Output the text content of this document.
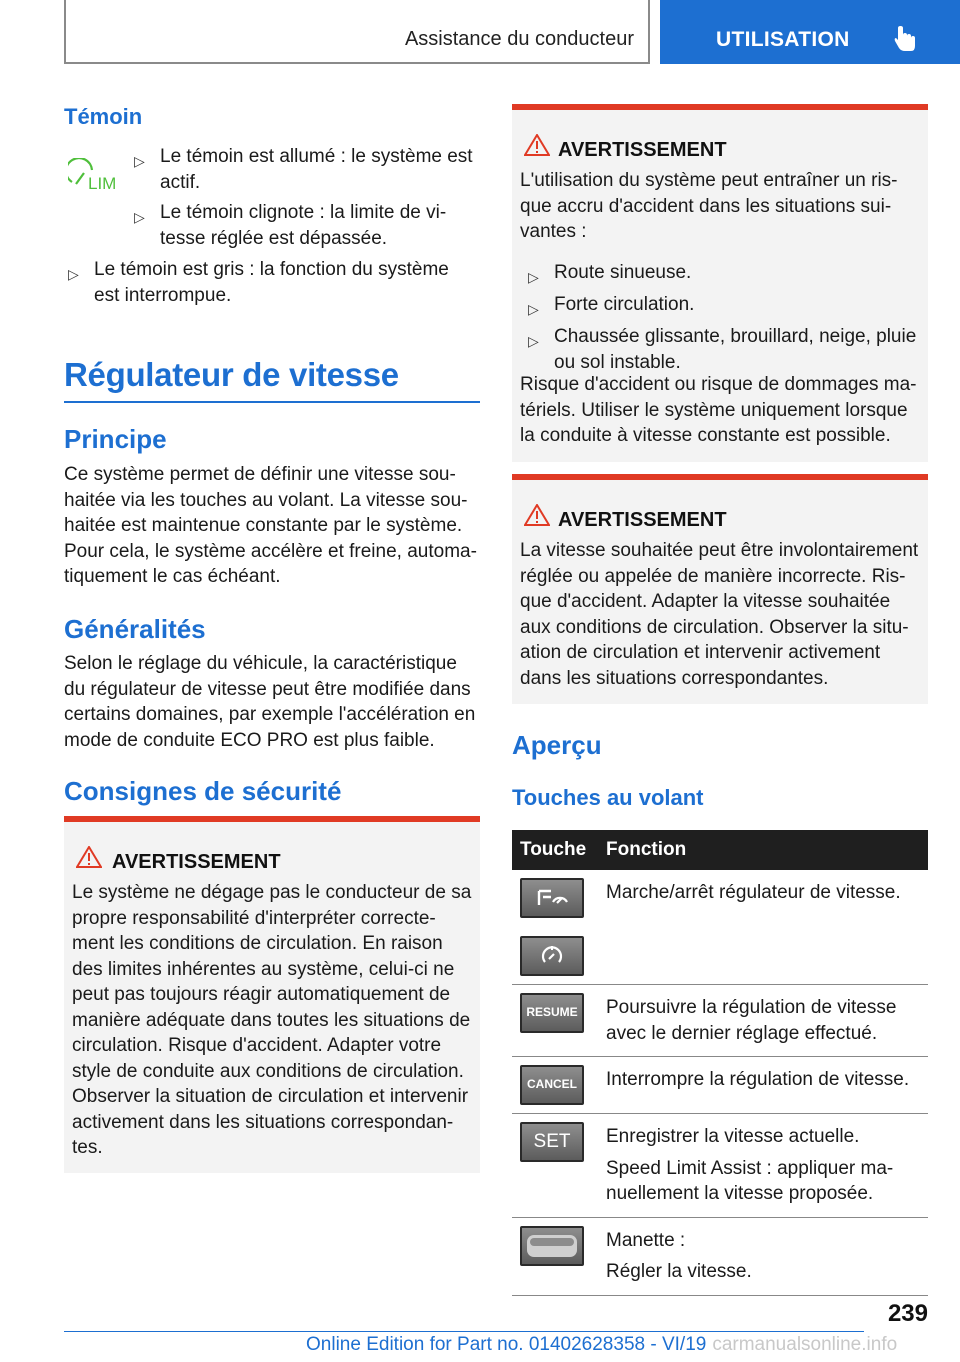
Assistance du conducteur	UTILISATION
Témoin
LIM
▷ Le témoin est allumé : le système est
actif.
▷ Le témoin clignote : la limite de vi-
tesse réglée est dépassée.
▷ Le témoin est gris : la fonction du système
est interrompue.
Régulateur de vitesse
Principe
Ce système permet de définir une vitesse sou-
haitée via les touches au volant. La vitesse sou-
haitée est maintenue constante par le système.
Pour cela, le système accélère et freine, automa-
tiquement le cas échéant.
Généralités
Selon le réglage du véhicule, la caractéristique
du régulateur de vitesse peut être modifiée dans
certains domaines, par exemple l'accélération en
mode de conduite ECO PRO est plus faible.
Consignes de sécurité
AVERTISSEMENT
Le système ne dégage pas le conducteur de sa
propre responsabilité d'interpréter correcte-
ment les conditions de circulation. En raison
des limites inhérentes au système, celui-ci ne
peut pas toujours réagir automatiquement de
manière adéquate dans toutes les situations de
circulation. Risque d'accident. Adapter votre
style de conduite aux conditions de circulation.
Observer la situation de circulation et intervenir
activement dans les situations correspondan-
tes.
AVERTISSEMENT
L'utilisation du système peut entraîner un ris-
que accru d'accident dans les situations sui-
vantes :
▷ Route sinueuse.
▷ Forte circulation.
▷ Chaussée glissante, brouillard, neige, pluie
ou sol instable.
Risque d'accident ou risque de dommages ma-
tériels. Utiliser le système uniquement lorsque
la conduite à vitesse constante est possible.
AVERTISSEMENT
La vitesse souhaitée peut être involontairement
réglée ou appelée de manière incorrecte. Ris-
que d'accident. Adapter la vitesse souhaitée
aux conditions de circulation. Observer la situ-
ation de circulation et intervenir activement
dans les situations correspondantes.
Aperçu
Touches au volant
Touche	Fonction

Marche/arrêt régulateur de vitesse.

RESUME	Poursuivre la régulation de vitesse
avec le dernier réglage effectué.

CANCEL	Interrompre la régulation de vitesse.

SET	Enregistrer la vitesse actuelle.

Speed Limit Assist : appliquer ma-
nuellement la vitesse proposée.

Manette :

Régler la vitesse.

239
Online Edition for Part no. 01402628358 - VI/19 carmanualsonline.info
